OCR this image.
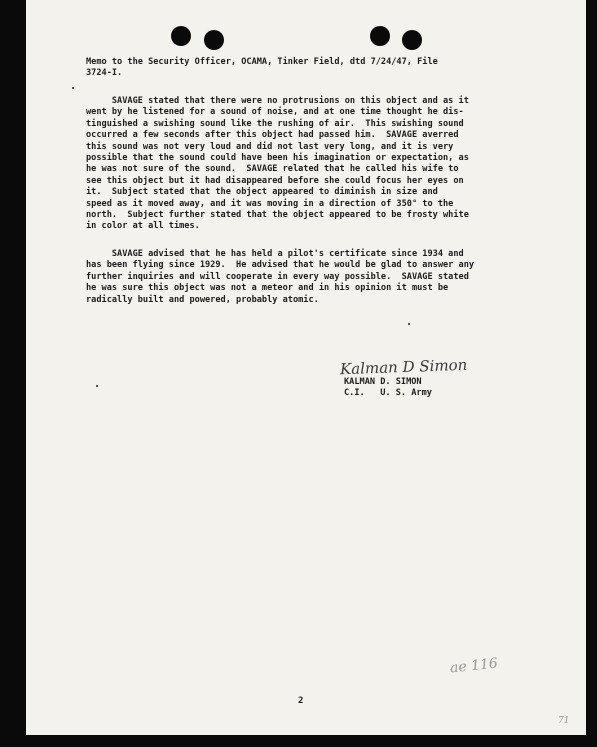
Memo to the Security Officer, OCAMA, Tinker Field, dtd 7/24/47, File
3724-I.
SAVAGE stated that there were no protrusions on this object and as it
went by he listened for a sound of noise, and at one time thought he dis-
tinguished a swishing sound like the rushing of air.  This swishing sound
occurred a few seconds after this object had passed him.  SAVAGE averred
this sound was not very loud and did not last very long, and it is very
possible that the sound could have been his imagination or expectation, as
he was not sure of the sound.  SAVAGE related that he called his wife to
see this object but it had disappeared before she could focus her eyes on
it.  Subject stated that the object appeared to diminish in size and
speed as it moved away, and it was moving in a direction of 350° to the
north.  Subject further stated that the object appeared to be frosty white
in color at all times.
SAVAGE advised that he has held a pilot's certificate since 1934 and
has been flying since 1929.  He advised that he would be glad to answer any
further inquiries and will cooperate in every way possible.  SAVAGE stated
he was sure this object was not a meteor and in his opinion it must be
radically built and powered, probably atomic.
Kalman D Simon
KALMAN D. SIMON
C.I.   U. S. Army
ae 116
2
71
